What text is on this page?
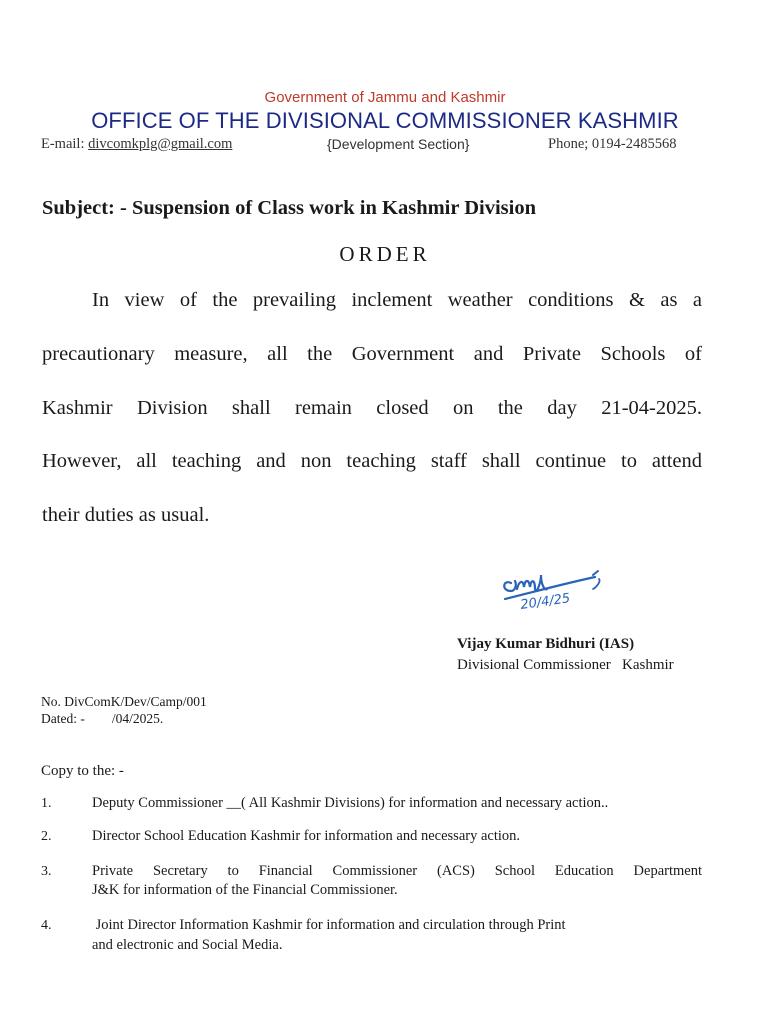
Government of Jammu and Kashmir
OFFICE OF THE DIVISIONAL COMMISSIONER KASHMIR
E-mail: divcomkplg@gmail.com	{Development Section}	Phone; 0194-2485568
Subject: - Suspension of Class work in Kashmir Division
ORDER
In view of the prevailing inclement weather conditions & as a
precautionary measure, all the Government and Private Schools of
Kashmir Division shall remain closed on the day 21-04-2025.
However, all teaching and non teaching staff shall continue to attend
their duties as usual.
20/4/25
Vijay Kumar Bidhuri (IAS)
Divisional Commissioner   Kashmir
No. DivComK/Dev/Camp/001
Dated: -        /04/2025.
Copy to the: -
1.	Deputy Commissioner __( All Kashmir Divisions) for information and necessary action..
2.	Director School Education Kashmir for information and necessary action.
3.	Private Secretary to Financial Commissioner (ACS) School Education Department
J&K for information of the Financial Commissioner.
4.	Joint Director Information Kashmir for information and circulation through Print
and electronic and Social Media.
